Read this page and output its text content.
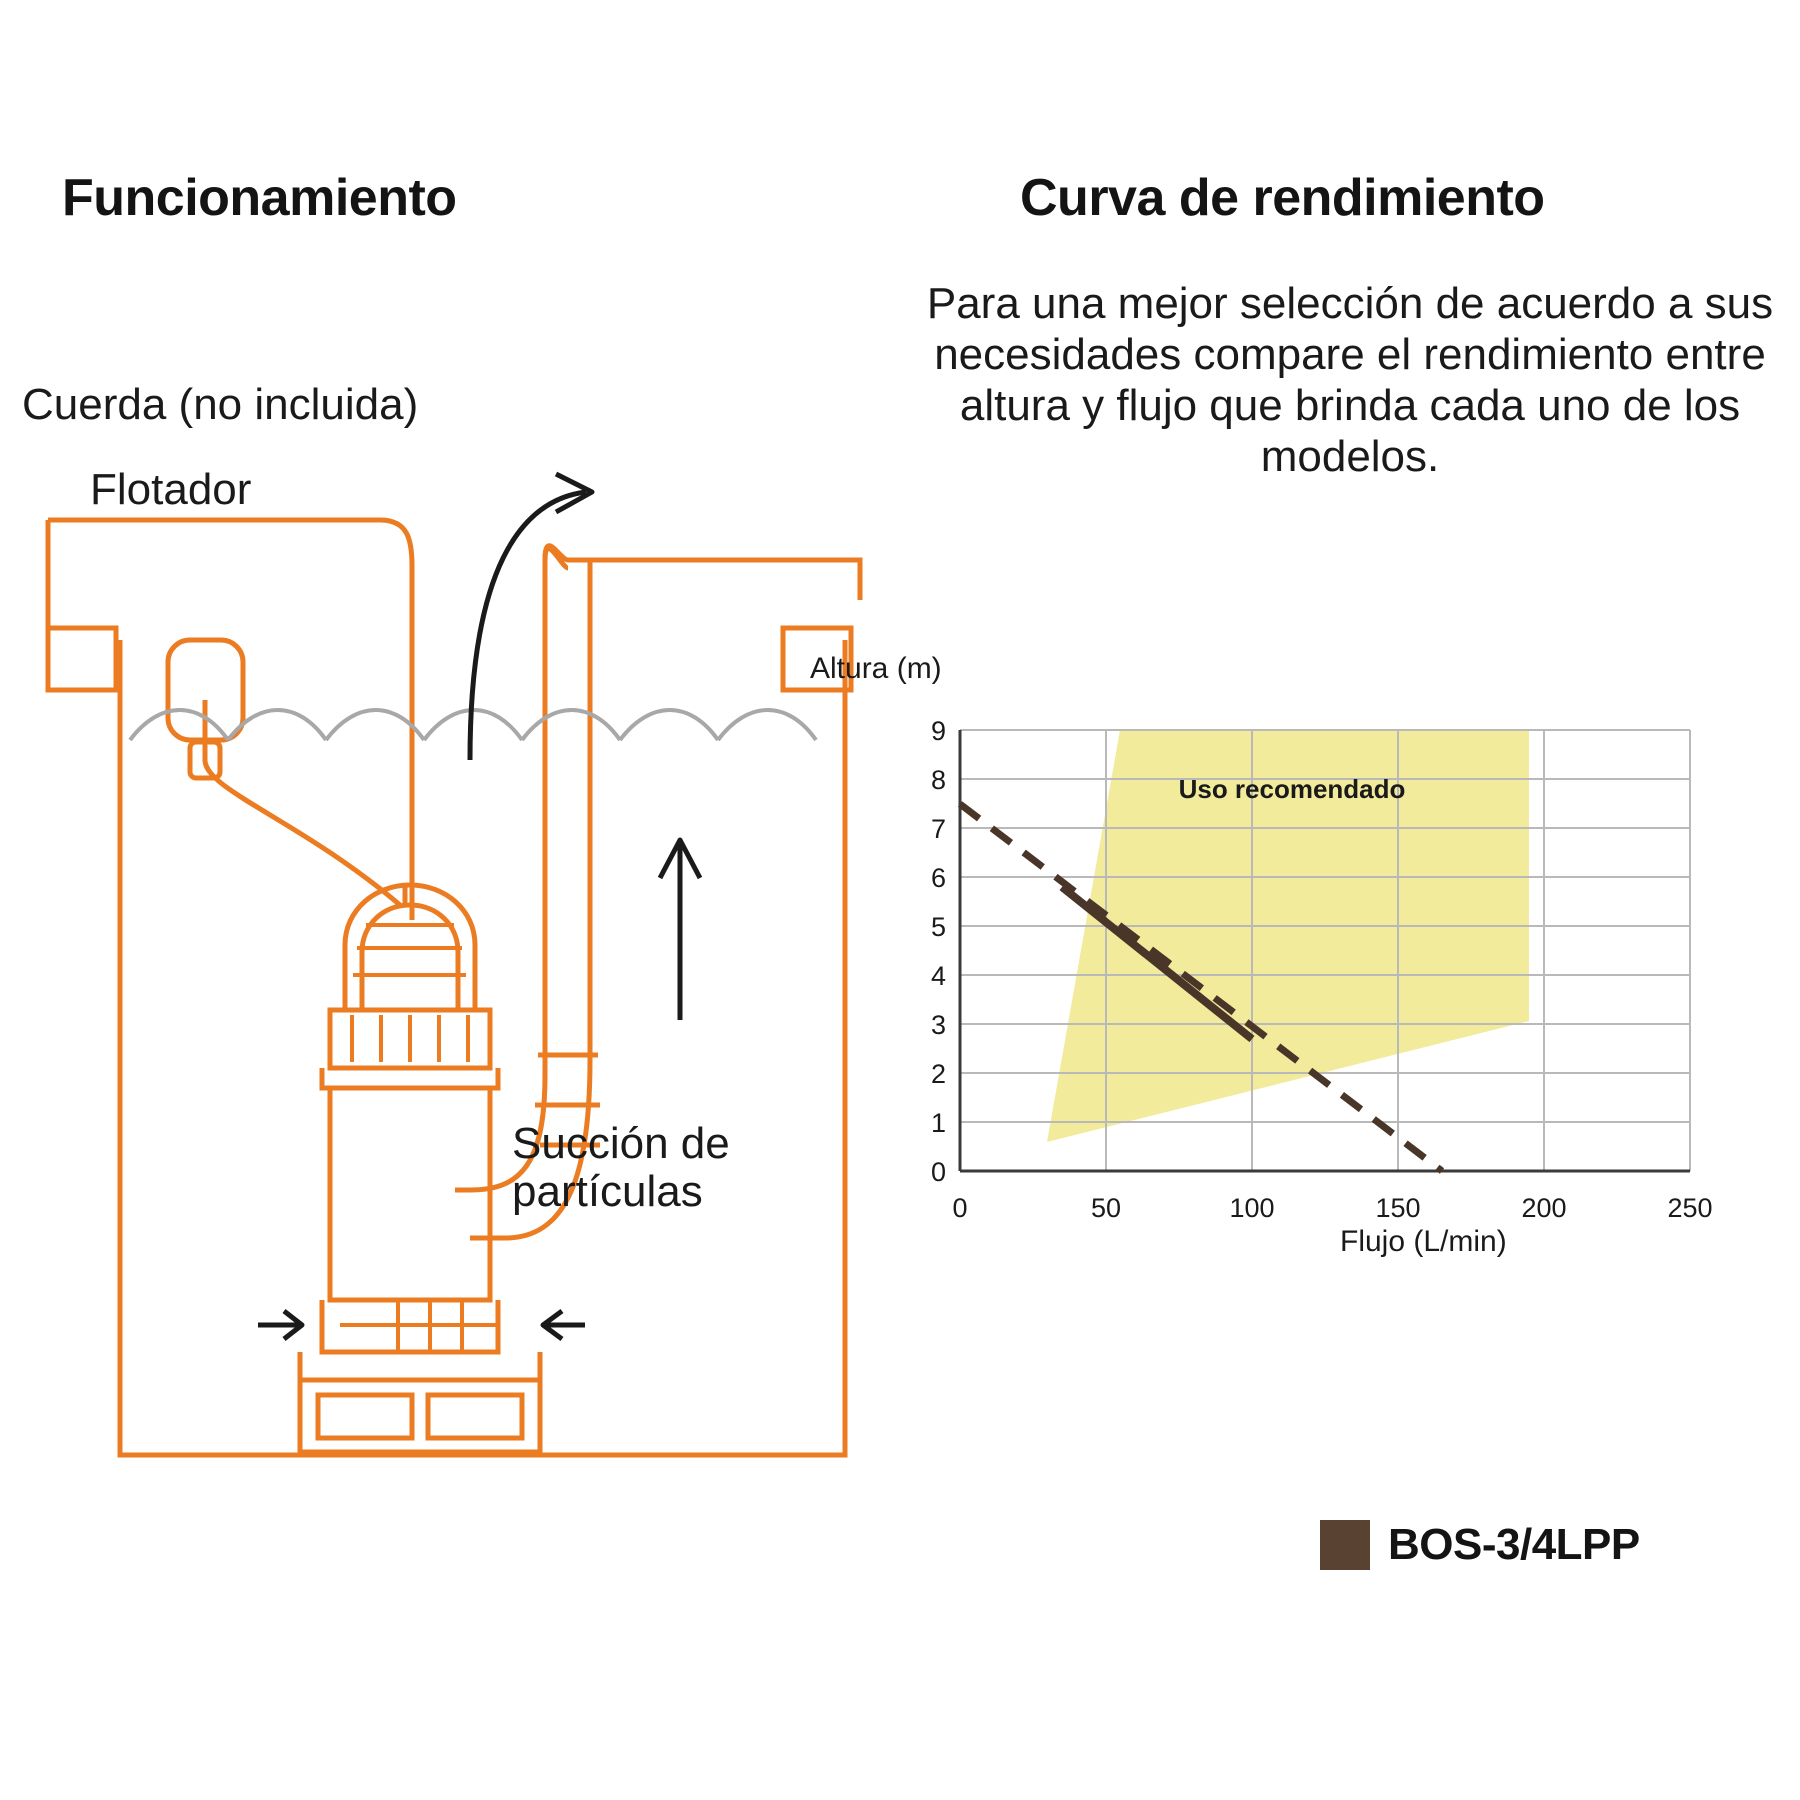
Funcionamiento
Cuerda (no incluida)
Flotador
Succión de
partículas
Curva de rendimiento
Para una mejor selección de acuerdo a sus necesidades compare el rendimiento entre altura y flujo que brinda cada uno de los modelos.
Altura (m)
Flujo (L/min)
Uso recomendado
9
8
7
6
5
4
3
2
1
0
0	50	100	150	200	250
BOS-3/4LPP
